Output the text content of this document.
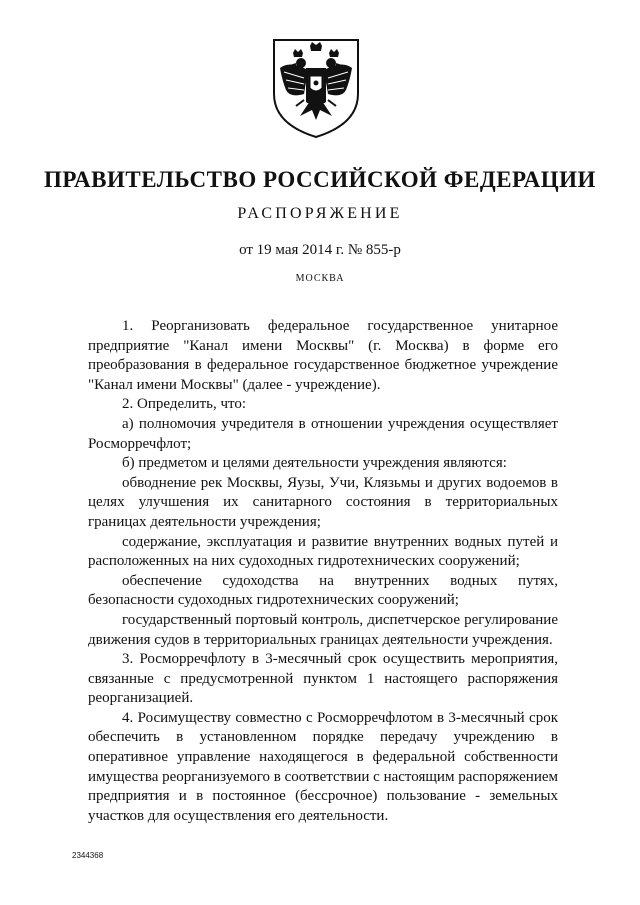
ПРАВИТЕЛЬСТВО РОССИЙСКОЙ ФЕДЕРАЦИИ
РАСПОРЯЖЕНИЕ
от 19 мая 2014 г. № 855-р
МОСКВА

1. Реорганизовать федеральное государственное унитарное предприятие "Канал имени Москвы" (г. Москва) в форме его преобразования в федеральное государственное бюджетное учреждение "Канал имени Москвы" (далее - учреждение).

2. Определить, что:

а) полномочия учредителя в отношении учреждения осуществляет Росморречфлот;

б) предметом и целями деятельности учреждения являются:

обводнение рек Москвы, Яузы, Учи, Клязьмы и других водоемов в целях улучшения их санитарного состояния в территориальных границах деятельности учреждения;

содержание, эксплуатация и развитие внутренних водных путей и расположенных на них судоходных гидротехнических сооружений;

обеспечение судоходства на внутренних водных путях, безопасности судоходных гидротехнических сооружений;

государственный портовый контроль, диспетчерское регулирование движения судов в территориальных границах деятельности учреждения.

3. Росморречфлоту в 3-месячный срок осуществить мероприятия, связанные с предусмотренной пунктом 1 настоящего распоряжения реорганизацией.

4. Росимуществу совместно с Росморречфлотом в 3-месячный срок обеспечить в установленном порядке передачу учреждению в оперативное управление находящегося в федеральной собственности имущества реорганизуемого в соответствии с настоящим распоряжением предприятия и в постоянное (бессрочное) пользование - земельных участков для осуществления его деятельности.

2344368
